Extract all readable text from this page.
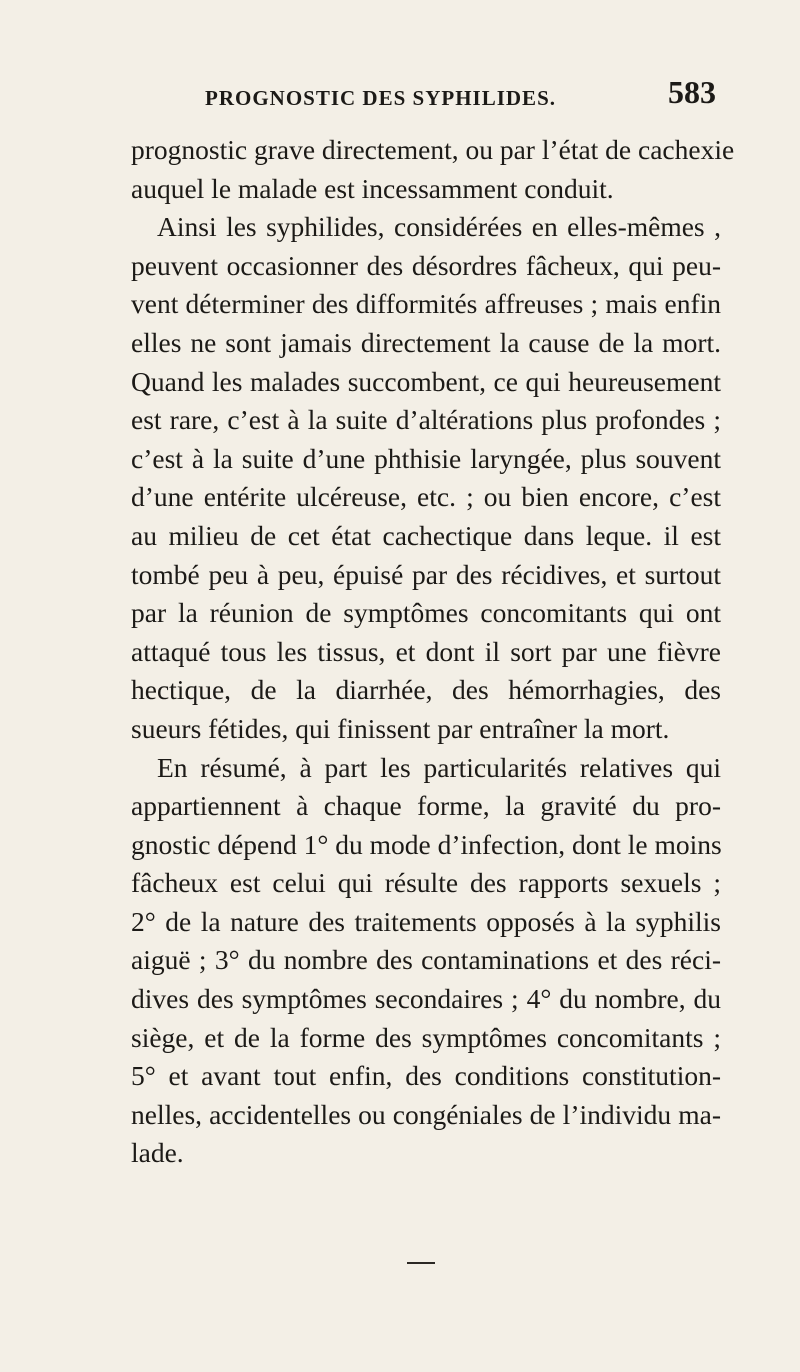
PROGNOSTIC DES SYPHILIDES.	583
prognostic grave directement, ou par l’état de cachexie
auquel le malade est incessamment conduit.
Ainsi les syphilides, considérées en elles-mêmes ,
peuvent occasionner des désordres fâcheux, qui peu-
vent déterminer des difformités affreuses ; mais enfin
elles ne sont jamais directement la cause de la mort.
Quand les malades succombent, ce qui heureusement
est rare, c’est à la suite d’altérations plus profondes ;
c’est à la suite d’une phthisie laryngée, plus souvent
d’une entérite ulcéreuse, etc. ; ou bien encore, c’est
au milieu de cet état cachectique dans leque. il est
tombé peu à peu, épuisé par des récidives, et surtout
par la réunion de symptômes concomitants qui ont
attaqué tous les tissus, et dont il sort par une fièvre
hectique, de la diarrhée, des hémorrhagies, des
sueurs fétides, qui finissent par entraîner la mort.
En résumé, à part les particularités relatives qui
appartiennent à chaque forme, la gravité du pro-
gnostic dépend 1° du mode d’infection, dont le moins
fâcheux est celui qui résulte des rapports sexuels ;
2° de la nature des traitements opposés à la syphilis
aiguë ; 3° du nombre des contaminations et des réci-
dives des symptômes secondaires ; 4° du nombre, du
siège, et de la forme des symptômes concomitants ;
5° et avant tout enfin, des conditions constitution-
nelles, accidentelles ou congéniales de l’individu ma-
lade.
